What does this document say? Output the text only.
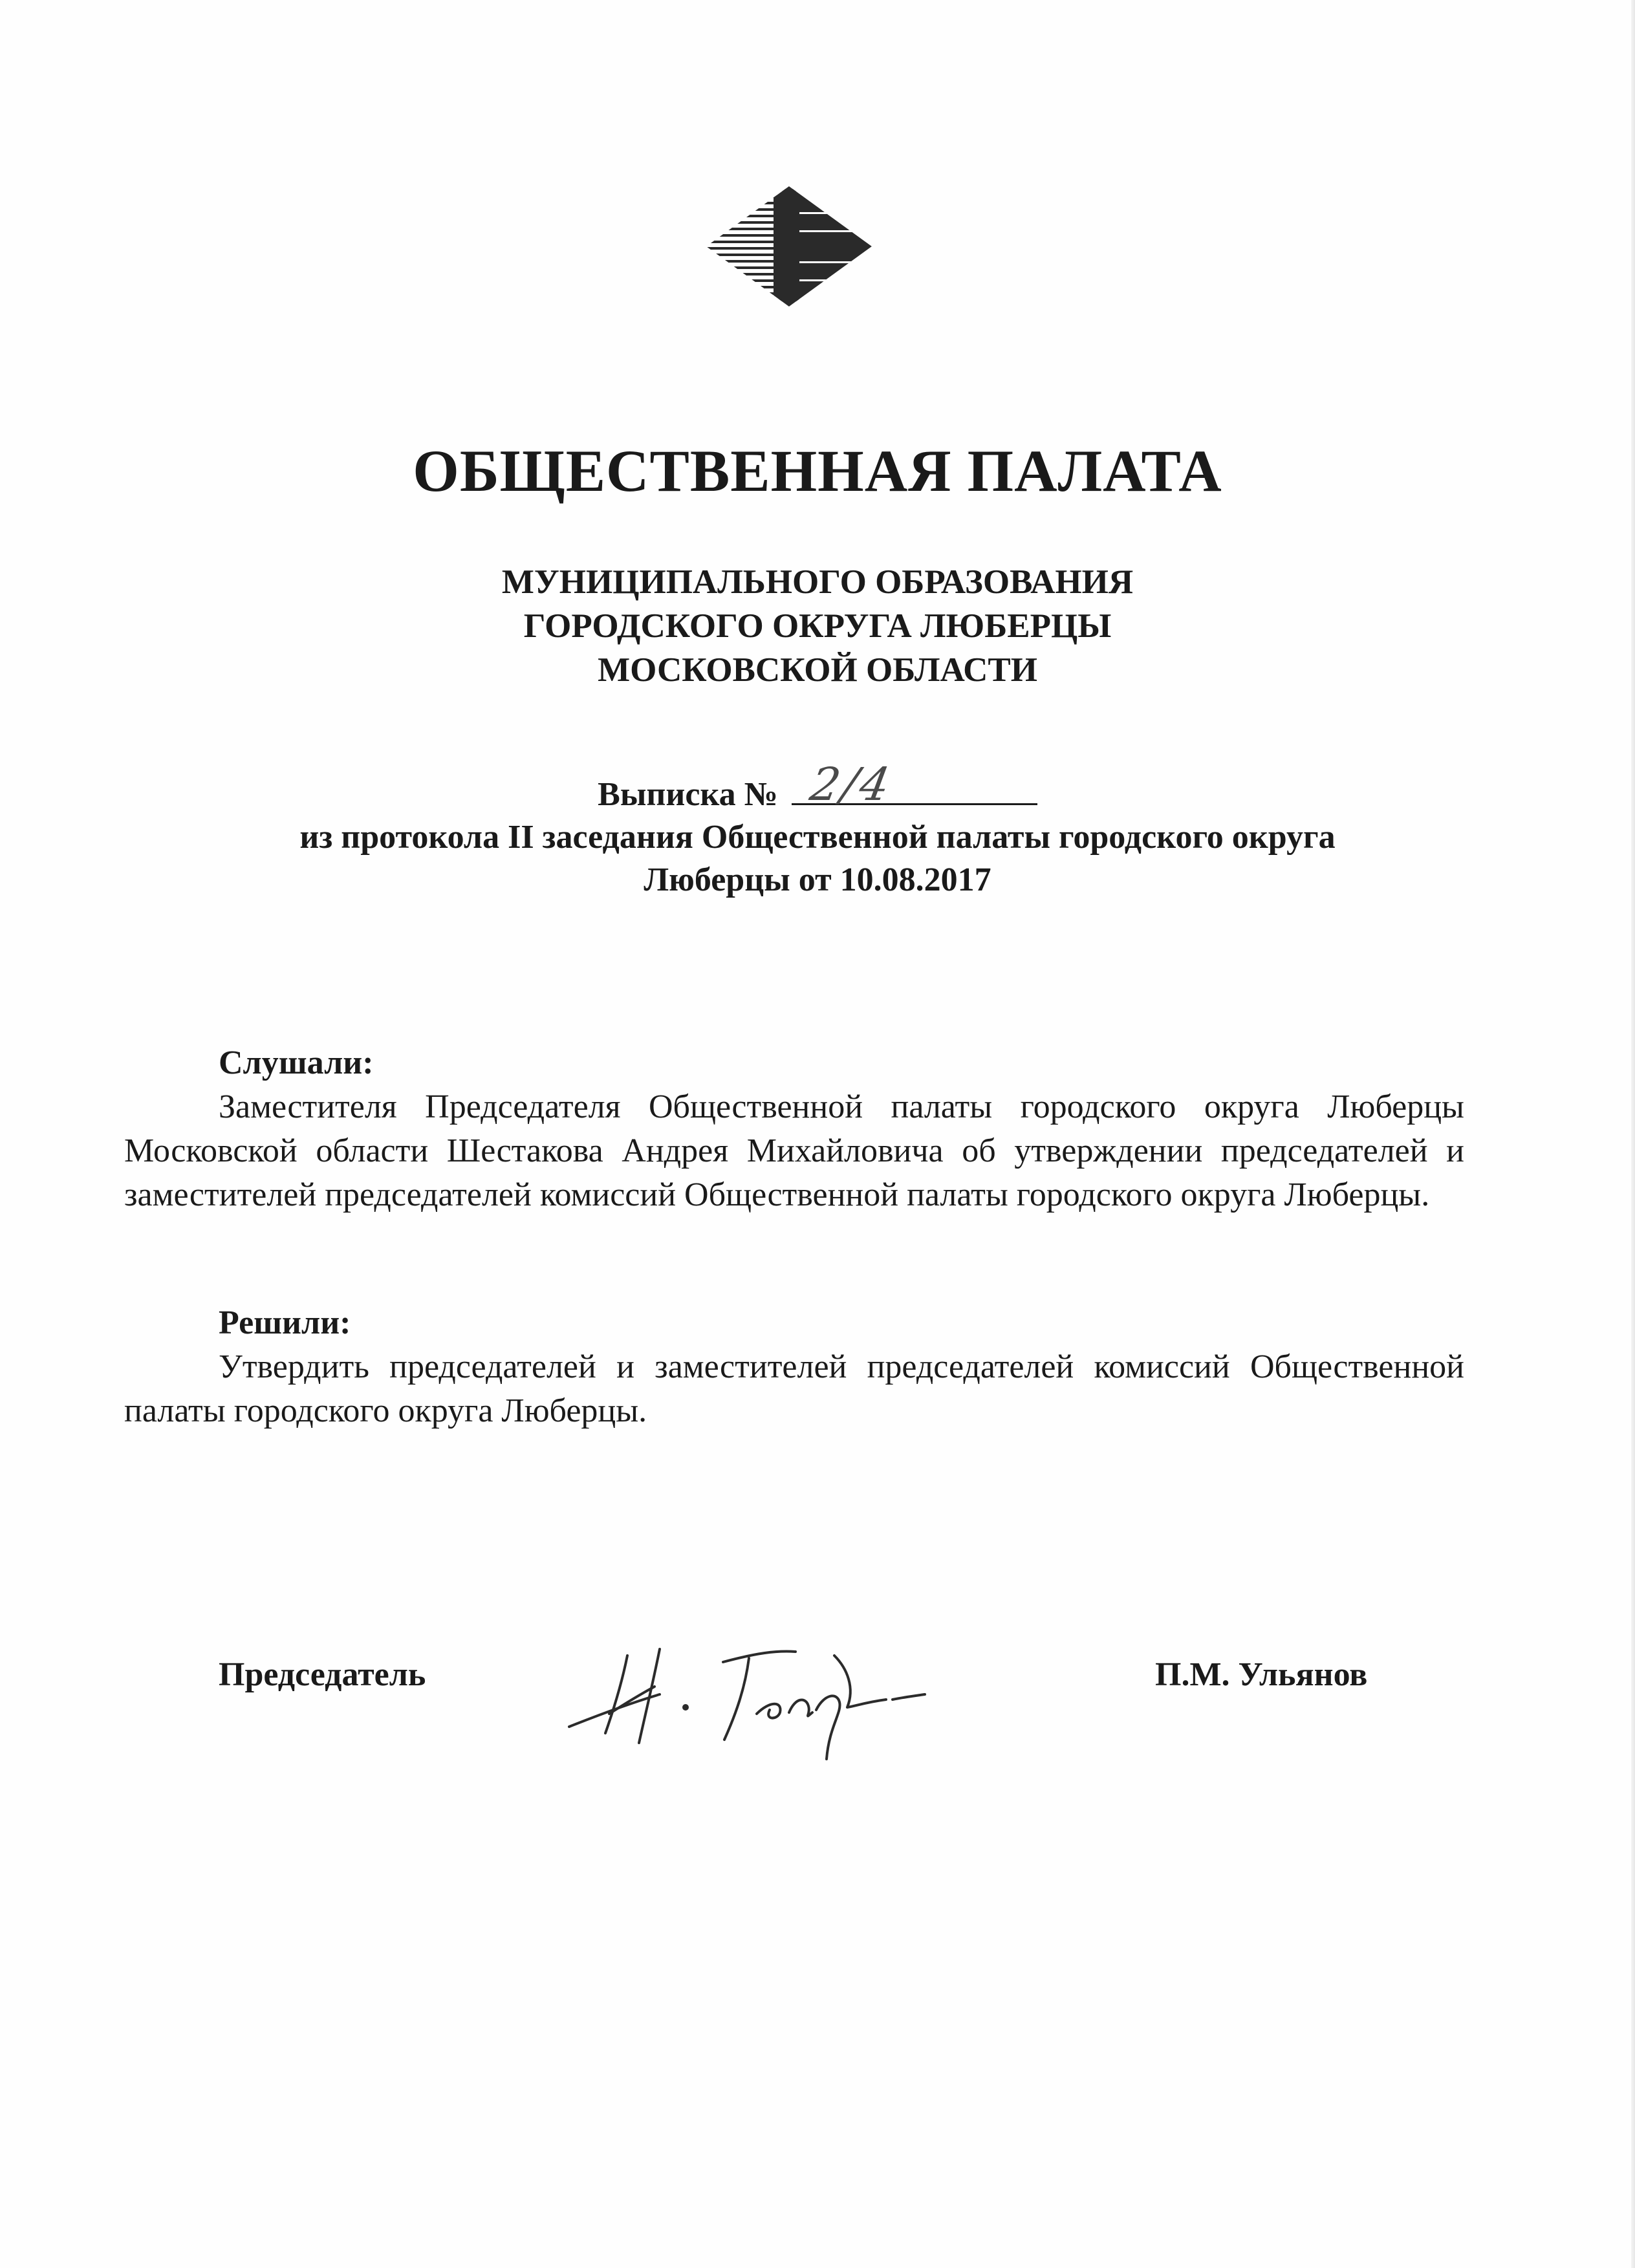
ОБЩЕСТВЕННАЯ ПАЛАТА
МУНИЦИПАЛЬНОГО ОБРАЗОВАНИЯ
ГОРОДСКОГО ОКРУГА ЛЮБЕРЦЫ
МОСКОВСКОЙ ОБЛАСТИ
Выписка № 2/4
из протокола II заседания Общественной палаты городского округа
Люберцы от 10.08.2017
Слушали:
Заместителя Председателя Общественной палаты городского округа Люберцы Московской области Шестакова Андрея Михайловича об утверждении председателей и заместителей председателей комиссий Общественной палаты городского округа Люберцы.
Решили:
Утвердить председателей и заместителей председателей комиссий Общественной палаты городского округа Люберцы.
Председатель	П.М. Ульянов
